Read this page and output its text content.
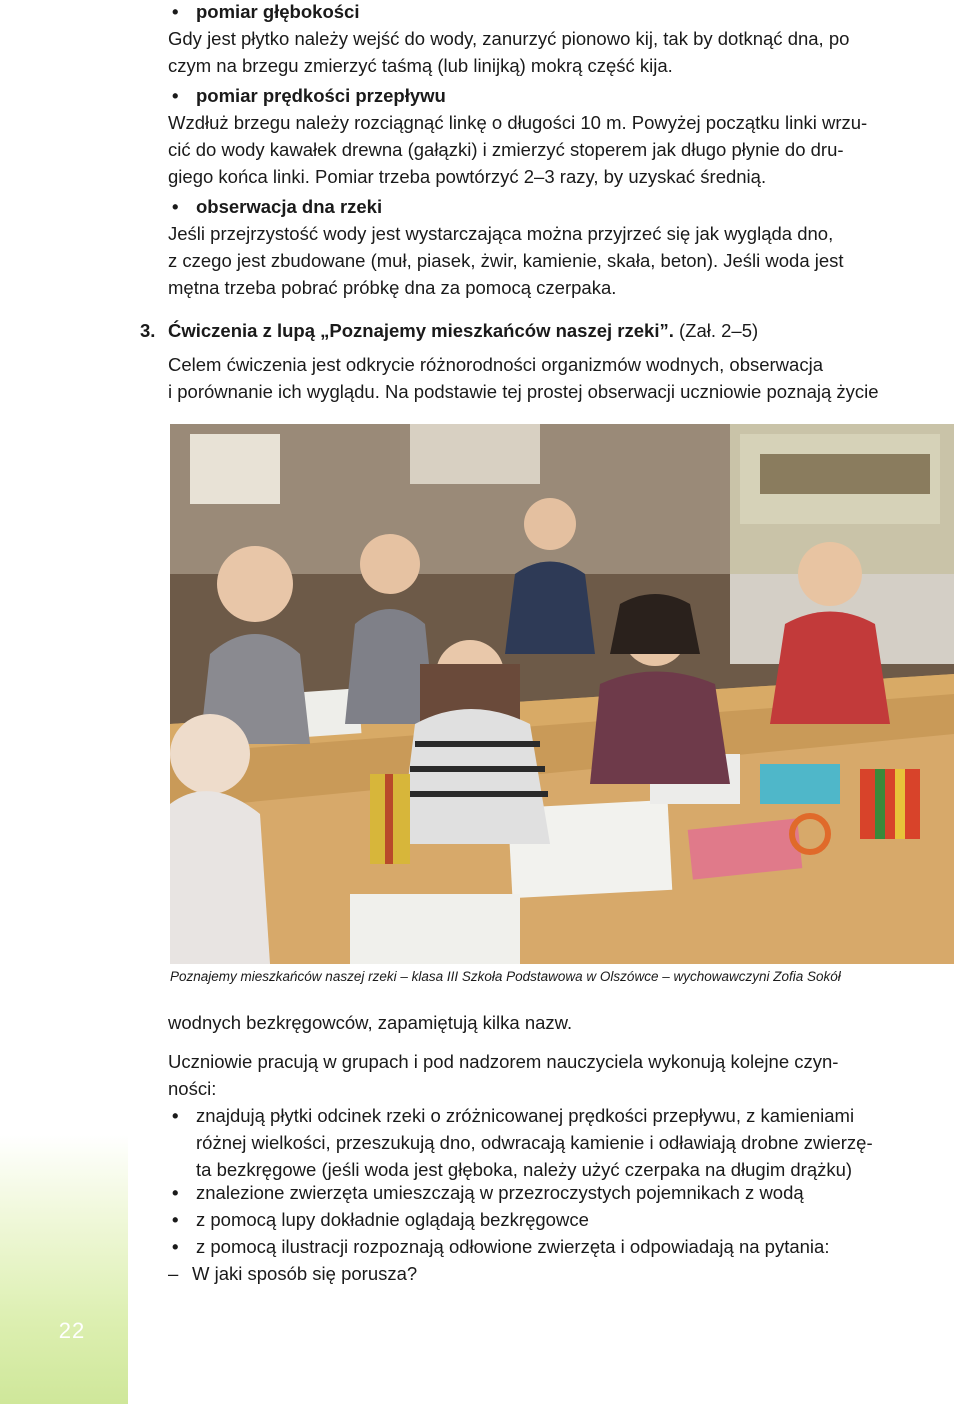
22
• pomiar głębokości
Gdy jest płytko należy wejść do wody, zanurzyć pionowo kij, tak by dotknąć dna, po
czym na brzegu zmierzyć taśmą (lub linijką) mokrą część kija.
• pomiar prędkości przepływu
Wzdłuż brzegu należy rozciągnąć linkę o długości 10 m. Powyżej początku linki wrzu-
cić do wody kawałek drewna (gałązki) i zmierzyć stoperem jak długo płynie do dru-
giego końca linki. Pomiar trzeba powtórzyć 2–3 razy, by uzyskać średnią.
• obserwacja dna rzeki
Jeśli przejrzystość wody jest wystarczająca można przyjrzeć się jak wygląda dno,
z czego jest zbudowane (muł, piasek, żwir, kamienie, skała, beton). Jeśli woda jest
mętna trzeba pobrać próbkę dna za pomocą czerpaka.
3. Ćwiczenia z lupą „Poznajemy mieszkańców naszej rzeki”. (Zał. 2–5)
Celem ćwiczenia jest odkrycie różnorodności organizmów wodnych, obserwacja
i porównanie ich wyglądu. Na podstawie tej prostej obserwacji uczniowie poznają życie
Poznajemy mieszkańców naszej rzeki – klasa III Szkoła Podstawowa w Olszówce – wychowawczyni Zofia Sokół
wodnych bezkręgowców, zapamiętują kilka nazw.
Uczniowie pracują w grupach i pod nadzorem nauczyciela wykonują kolejne czyn-
ności:
• znajdują płytki odcinek rzeki o zróżnicowanej prędkości przepływu, z kamieniami
różnej wielkości, przeszukują dno, odwracają kamienie i odławiają drobne zwierzę-
ta bezkręgowe (jeśli woda jest głęboka, należy użyć czerpaka na długim drążku)
• znalezione zwierzęta umieszczają w przezroczystych pojemnikach z wodą
• z pomocą lupy dokładnie oglądają bezkręgowce
• z pomocą ilustracji rozpoznają odłowione zwierzęta i odpowiadają na pytania:
– W jaki sposób się porusza?
